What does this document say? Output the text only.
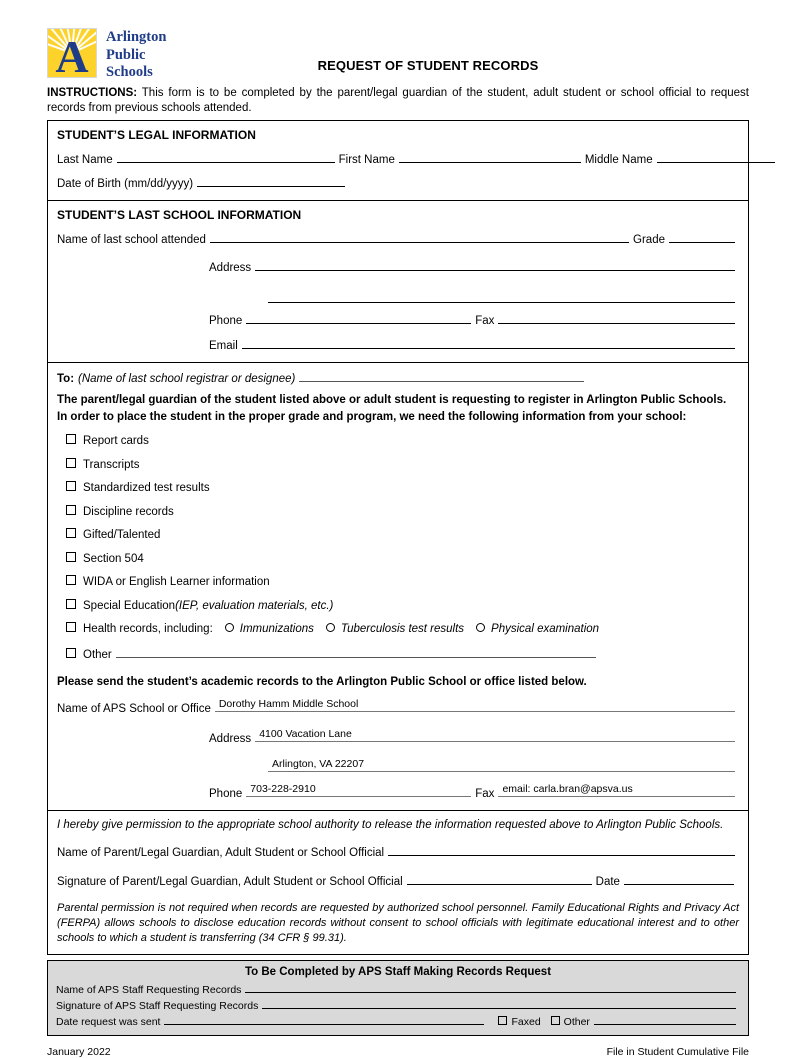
A	Arlington
Public
Schools	REQUEST OF STUDENT RECORDS
INSTRUCTIONS: This form is to be completed by the parent/legal guardian of the student, adult student or school official to request records from previous schools attended.
STUDENT’S LEGAL INFORMATION
Last Name	First Name	Middle Name
Date of Birth (mm/dd/yyyy)
STUDENT’S LAST SCHOOL INFORMATION
Name of last school attended	Grade
Address
Phone	Fax
Email
To: (Name of last school registrar or designee)
The parent/legal guardian of the student listed above or adult student is requesting to register in Arlington Public Schools.
In order to place the student in the proper grade and program, we need the following information from your school:
Report cards
Transcripts
Standardized test results
Discipline records
Gifted/Talented
Section 504
WIDA or English Learner information
Special Education (IEP, evaluation materials, etc.)
Health records, including: Immunizations Tuberculosis test results Physical examination
Other
Please send the student’s academic records to the Arlington Public School or office listed below.
Name of APS School or Office Dorothy Hamm Middle School
Address 4100 Vacation Lane
Arlington, VA 22207
Phone 703-228-2910	Fax email: carla.bran@apsva.us
I hereby give permission to the appropriate school authority to release the information requested above to Arlington Public Schools.
Name of Parent/Legal Guardian, Adult Student or School Official
Signature of Parent/Legal Guardian, Adult Student or School Official	Date
Parental permission is not required when records are requested by authorized school personnel. Family Educational Rights and Privacy Act (FERPA) allows schools to disclose education records without consent to school officials with legitimate educational interest and to other schools to which a student is transferring (34 CFR § 99.31).
To Be Completed by APS Staff Making Records Request
Name of APS Staff Requesting Records
Signature of APS Staff Requesting Records
Date request was sent	Faxed Other
January 2022	File in Student Cumulative File
